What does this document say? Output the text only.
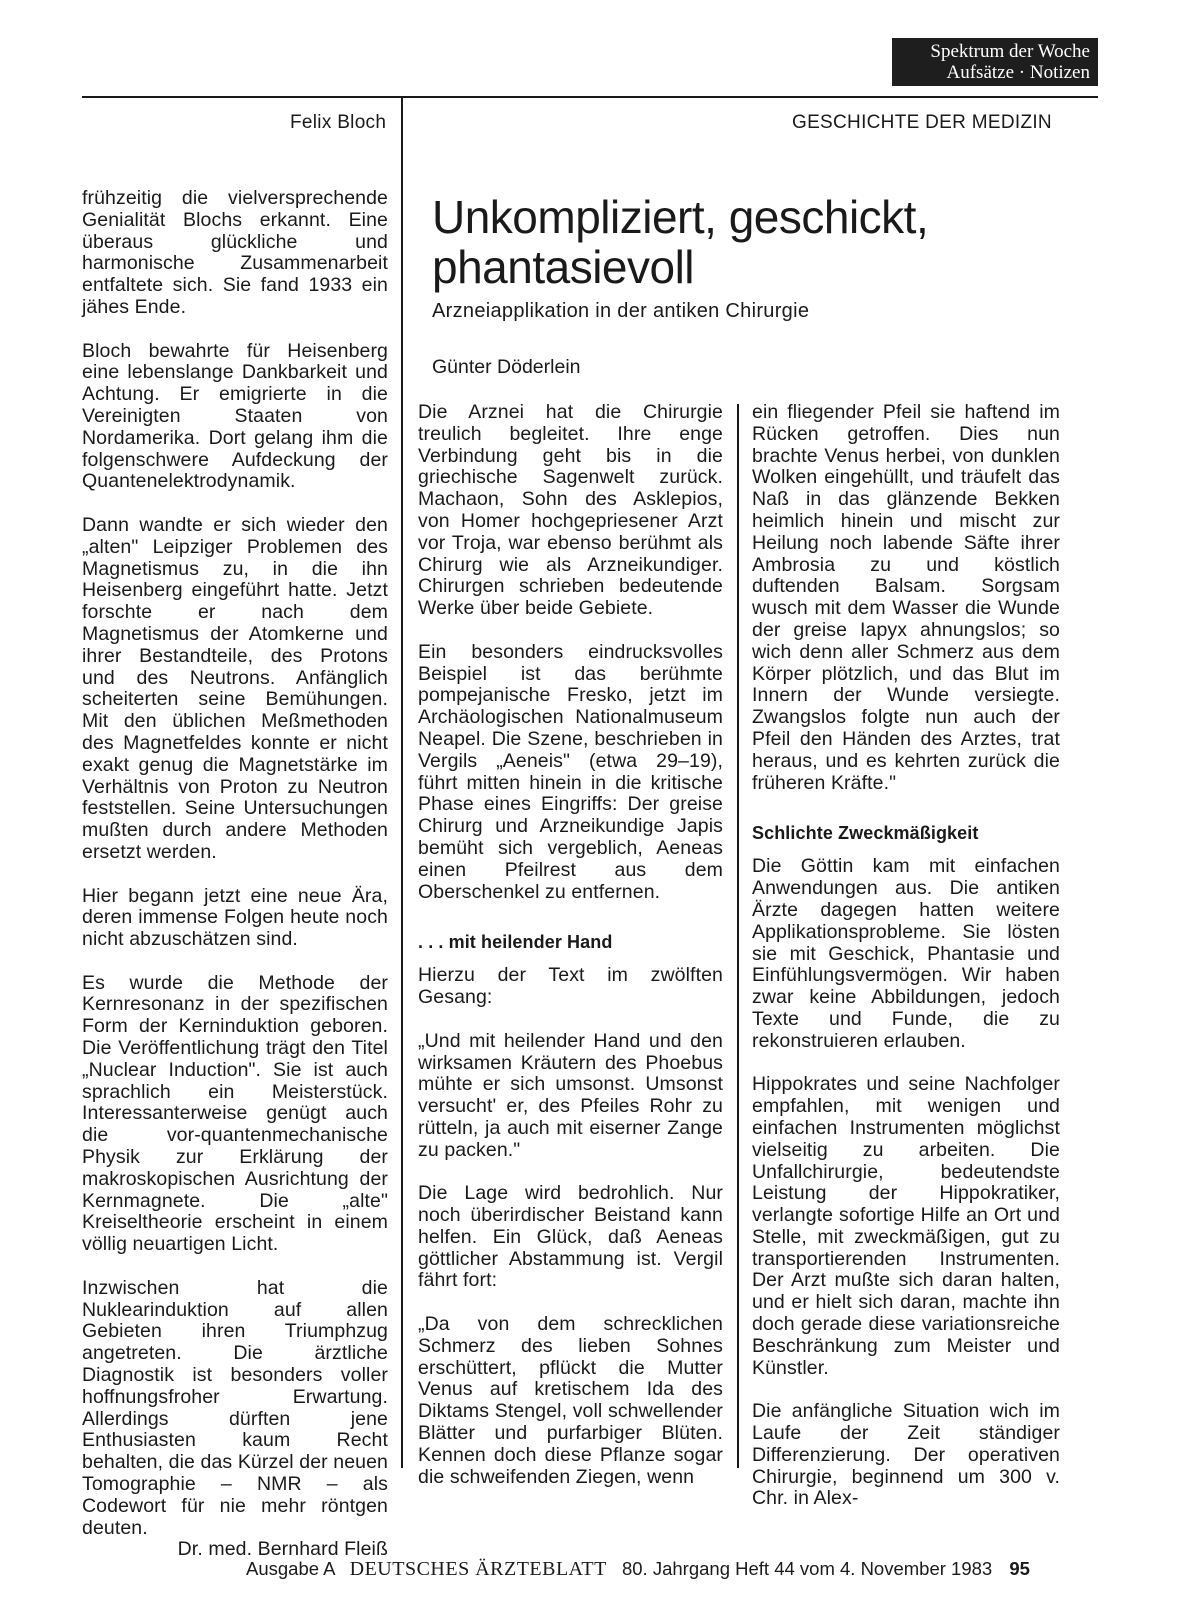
Spektrum der Woche
Aufsätze · Notizen
Felix Bloch	GESCHICHTE DER MEDIZIN

frühzeitig die vielversprechende Genialität Blochs erkannt. Eine überaus glückliche und harmonische Zusammenarbeit entfaltete sich. Sie fand 1933 ein jähes Ende.

Bloch bewahrte für Heisenberg eine lebenslange Dankbarkeit und Achtung. Er emigrierte in die Vereinigten Staaten von Nordamerika. Dort gelang ihm die folgenschwere Aufdeckung der Quantenelektrodynamik.

Dann wandte er sich wieder den „alten" Leipziger Problemen des Magnetismus zu, in die ihn Heisenberg eingeführt hatte. Jetzt forschte er nach dem Magnetismus der Atomkerne und ihrer Bestandteile, des Protons und des Neutrons. Anfänglich scheiterten seine Bemühungen. Mit den üblichen Meßmethoden des Magnetfeldes konnte er nicht exakt genug die Magnetstärke im Verhältnis von Proton zu Neutron feststellen. Seine Untersuchungen mußten durch andere Methoden ersetzt werden.

Hier begann jetzt eine neue Ära, deren immense Folgen heute noch nicht abzuschätzen sind.

Es wurde die Methode der Kernresonanz in der spezifischen Form der Kerninduktion geboren. Die Veröffentlichung trägt den Titel „Nuclear Induction". Sie ist auch sprachlich ein Meisterstück. Interessanterweise genügt auch die vor-quantenmechanische Physik zur Erklärung der makroskopischen Ausrichtung der Kernmagnete. Die „alte" Kreiseltheorie erscheint in einem völlig neuartigen Licht.

Inzwischen hat die Nuklearinduktion auf allen Gebieten ihren Triumphzug angetreten. Die ärztliche Diagnostik ist besonders voller hoffnungsfroher Erwartung. Allerdings dürften jene Enthusiasten kaum Recht behalten, die das Kürzel der neuen Tomographie – NMR – als Codewort für nie mehr röntgen deuten.

Dr. med. Bernhard Fleiß
Unkompliziert, geschickt, phantasievoll
Arzneiapplikation in der antiken Chirurgie
Günter Döderlein

Die Arznei hat die Chirurgie treulich begleitet. Ihre enge Verbindung geht bis in die griechische Sagenwelt zurück. Machaon, Sohn des Asklepios, von Homer hochgepriesener Arzt vor Troja, war ebenso berühmt als Chirurg wie als Arzneikundiger. Chirurgen schrieben bedeutende Werke über beide Gebiete.

Ein besonders eindrucksvolles Beispiel ist das berühmte pompejanische Fresko, jetzt im Archäologischen Nationalmuseum Neapel. Die Szene, beschrieben in Vergils „Aeneis" (etwa 29–19), führt mitten hinein in die kritische Phase eines Eingriffs: Der greise Chirurg und Arzneikundige Japis bemüht sich vergeblich, Aeneas einen Pfeilrest aus dem Oberschenkel zu entfernen.

. . . mit heilender Hand

Hierzu der Text im zwölften Gesang:

„Und mit heilender Hand und den wirksamen Kräutern des Phoebus mühte er sich umsonst. Umsonst versucht' er, des Pfeiles Rohr zu rütteln, ja auch mit eiserner Zange zu packen."

Die Lage wird bedrohlich. Nur noch überirdischer Beistand kann helfen. Ein Glück, daß Aeneas göttlicher Abstammung ist. Vergil fährt fort:

„Da von dem schrecklichen Schmerz des lieben Sohnes erschüttert, pflückt die Mutter Venus auf kretischem Ida des Diktams Stengel, voll schwellender Blätter und purfarbiger Blüten. Kennen doch diese Pflanze sogar die schweifenden Ziegen, wenn

ein fliegender Pfeil sie haftend im Rücken getroffen. Dies nun brachte Venus herbei, von dunklen Wolken eingehüllt, und träufelt das Naß in das glänzende Bekken heimlich hinein und mischt zur Heilung noch labende Säfte ihrer Ambrosia zu und köstlich duftenden Balsam. Sorgsam wusch mit dem Wasser die Wunde der greise Iapyx ahnungslos; so wich denn aller Schmerz aus dem Körper plötzlich, und das Blut im Innern der Wunde versiegte. Zwangslos folgte nun auch der Pfeil den Händen des Arztes, trat heraus, und es kehrten zurück die früheren Kräfte."

Schlichte Zweckmäßigkeit

Die Göttin kam mit einfachen Anwendungen aus. Die antiken Ärzte dagegen hatten weitere Applikationsprobleme. Sie lösten sie mit Geschick, Phantasie und Einfühlungsvermögen. Wir haben zwar keine Abbildungen, jedoch Texte und Funde, die zu rekonstruieren erlauben.

Hippokrates und seine Nachfolger empfahlen, mit wenigen und einfachen Instrumenten möglichst vielseitig zu arbeiten. Die Unfallchirurgie, bedeutendste Leistung der Hippokratiker, verlangte sofortige Hilfe an Ort und Stelle, mit zweckmäßigen, gut zu transportierenden Instrumenten. Der Arzt mußte sich daran halten, und er hielt sich daran, machte ihn doch gerade diese variationsreiche Beschränkung zum Meister und Künstler.

Die anfängliche Situation wich im Laufe der Zeit ständiger Differenzierung. Der operativen Chirurgie, beginnend um 300 v. Chr. in Alex-

Ausgabe A DEUTSCHES ÄRZTEBLATT 80. Jahrgang Heft 44 vom 4. November 1983 95
